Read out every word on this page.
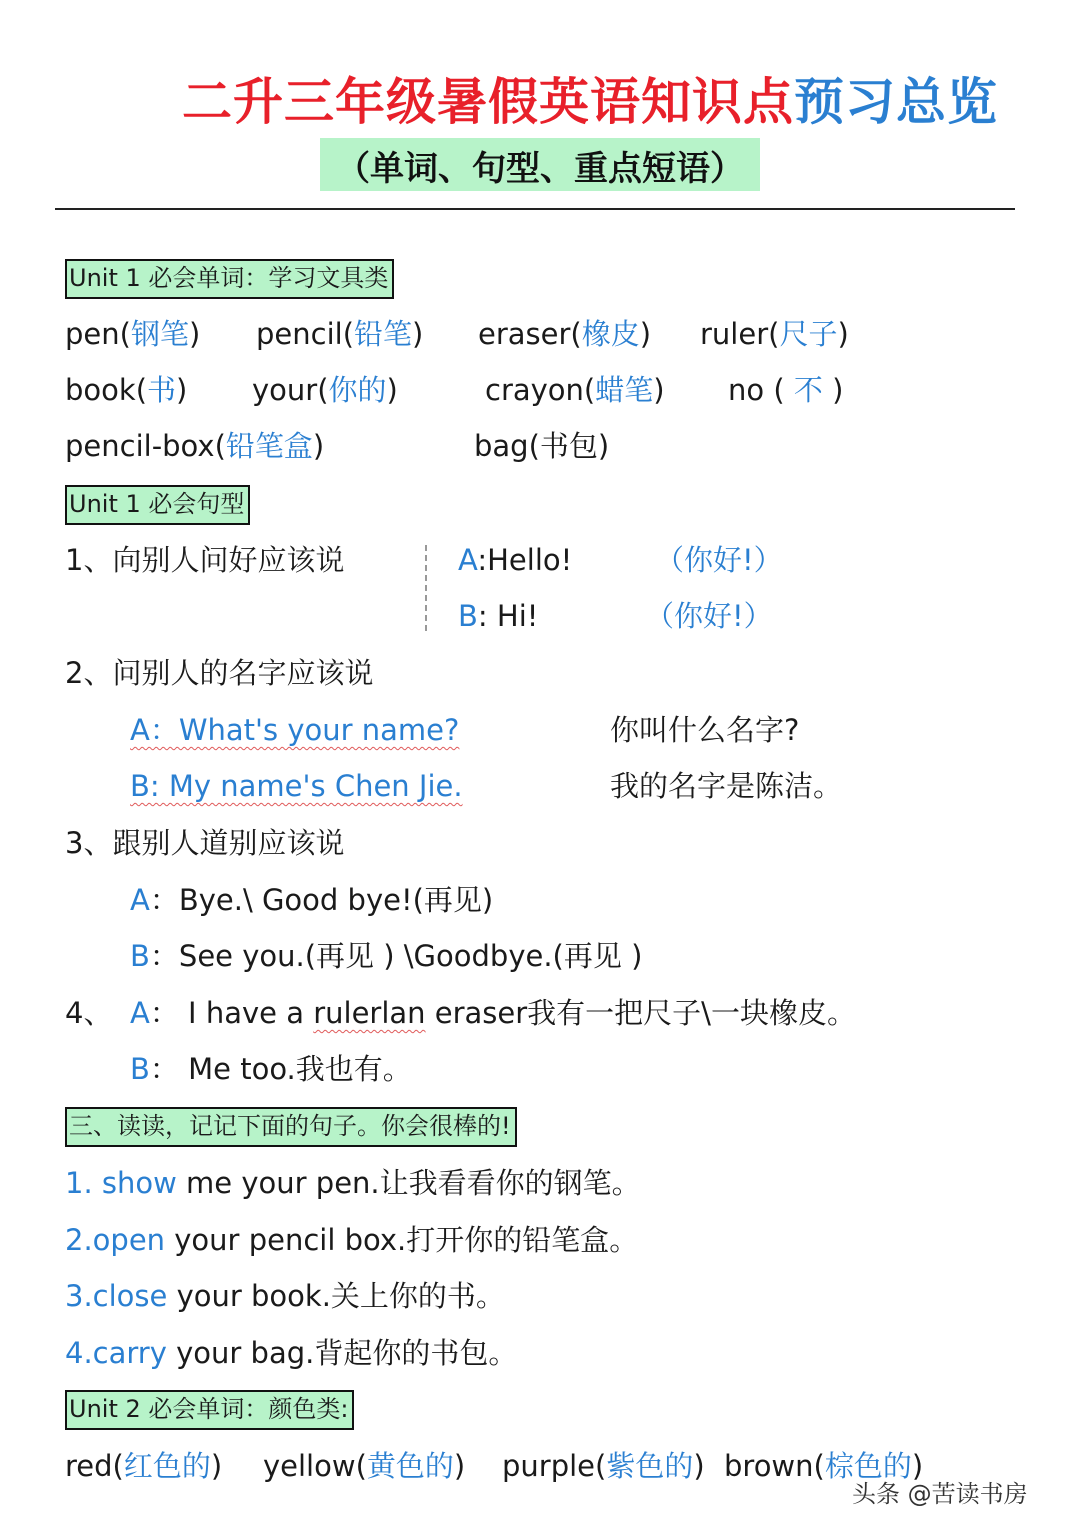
二升三年级暑假英语知识点预习总览
（单词、句型、重点短语）
Unit 1 必会单词：学习文具类
pen(钢笔) pencil(铅笔) eraser(橡皮) ruler(尺子)
book(书) your(你的)	crayon(蜡笔) no ( 不 )
pencil-box(铅笔盒)	bag(书包)
Unit 1 必会句型
1、向别人问好应该说	A:Hello!	（你好!）
B: Hi!	（你好!）
2、问别人的名字应该说
A：What's your name?	你叫什么名字?
B: My name's Chen Jie.	我的名字是陈洁。
3、跟别人道别应该说
A：Bye.\ Good bye!(再见)
B：See you.(再见 ) \Goodbye.(再见 )
4、 A： I have a rulerlan eraser我有一把尺子\一块橡皮。
B： Me too.我也有。
三、读读，记记下面的句子。你会很棒的!
1. show me your pen.让我看看你的钢笔。
2.open your pencil box.打开你的铅笔盒。
3.close your book.关上你的书。
4.carry your bag.背起你的书包。
Unit 2 必会单词：颜色类:
red(红色的) yellow(黄色的) purple(紫色的) brown(棕色的)
头条 @苦读书房
